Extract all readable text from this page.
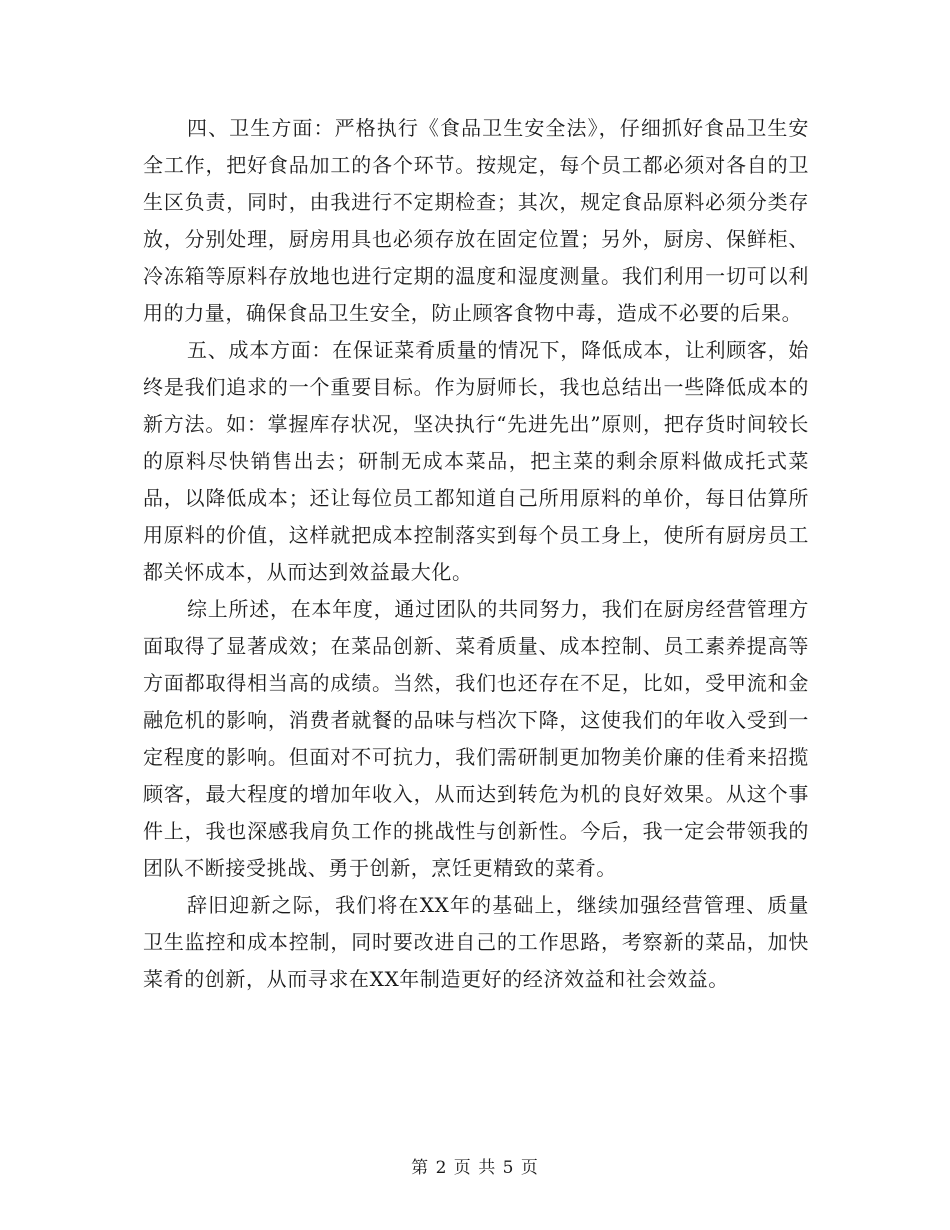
四、卫生方面：严格执行《食品卫生安全法》，仔细抓好食品卫生安全工作，把好食品加工的各个环节。按规定，每个员工都必须对各自的卫生区负责，同时，由我进行不定期检查；其次，规定食品原料必须分类存放，分别处理，厨房用具也必须存放在固定位置；另外，厨房、保鲜柜、冷冻箱等原料存放地也进行定期的温度和湿度测量。我们利用一切可以利用的力量，确保食品卫生安全，防止顾客食物中毒，造成不必要的后果。

五、成本方面：在保证菜肴质量的情况下，降低成本，让利顾客，始终是我们追求的一个重要目标。作为厨师长，我也总结出一些降低成本的新方法。如：掌握库存状况，坚决执行“先进先出”原则，把存货时间较长的原料尽快销售出去；研制无成本菜品，把主菜的剩余原料做成托式菜品，以降低成本；还让每位员工都知道自己所用原料的单价，每日估算所用原料的价值，这样就把成本控制落实到每个员工身上，使所有厨房员工都关怀成本，从而达到效益最大化。

综上所述，在本年度，通过团队的共同努力，我们在厨房经营管理方面取得了显著成效；在菜品创新、菜肴质量、成本控制、员工素养提高等方面都取得相当高的成绩。当然，我们也还存在不足，比如，受甲流和金融危机的影响，消费者就餐的品味与档次下降，这使我们的年收入受到一定程度的影响。但面对不可抗力，我们需研制更加物美价廉的佳肴来招揽顾客，最大程度的增加年收入，从而达到转危为机的良好效果。从这个事件上，我也深感我肩负工作的挑战性与创新性。今后，我一定会带领我的团队不断接受挑战、勇于创新，烹饪更精致的菜肴。

辞旧迎新之际，我们将在XX年的基础上，继续加强经营管理、质量卫生监控和成本控制，同时要改进自己的工作思路，考察新的菜品，加快菜肴的创新，从而寻求在XX年制造更好的经济效益和社会效益。

第 2 页 共 5 页
